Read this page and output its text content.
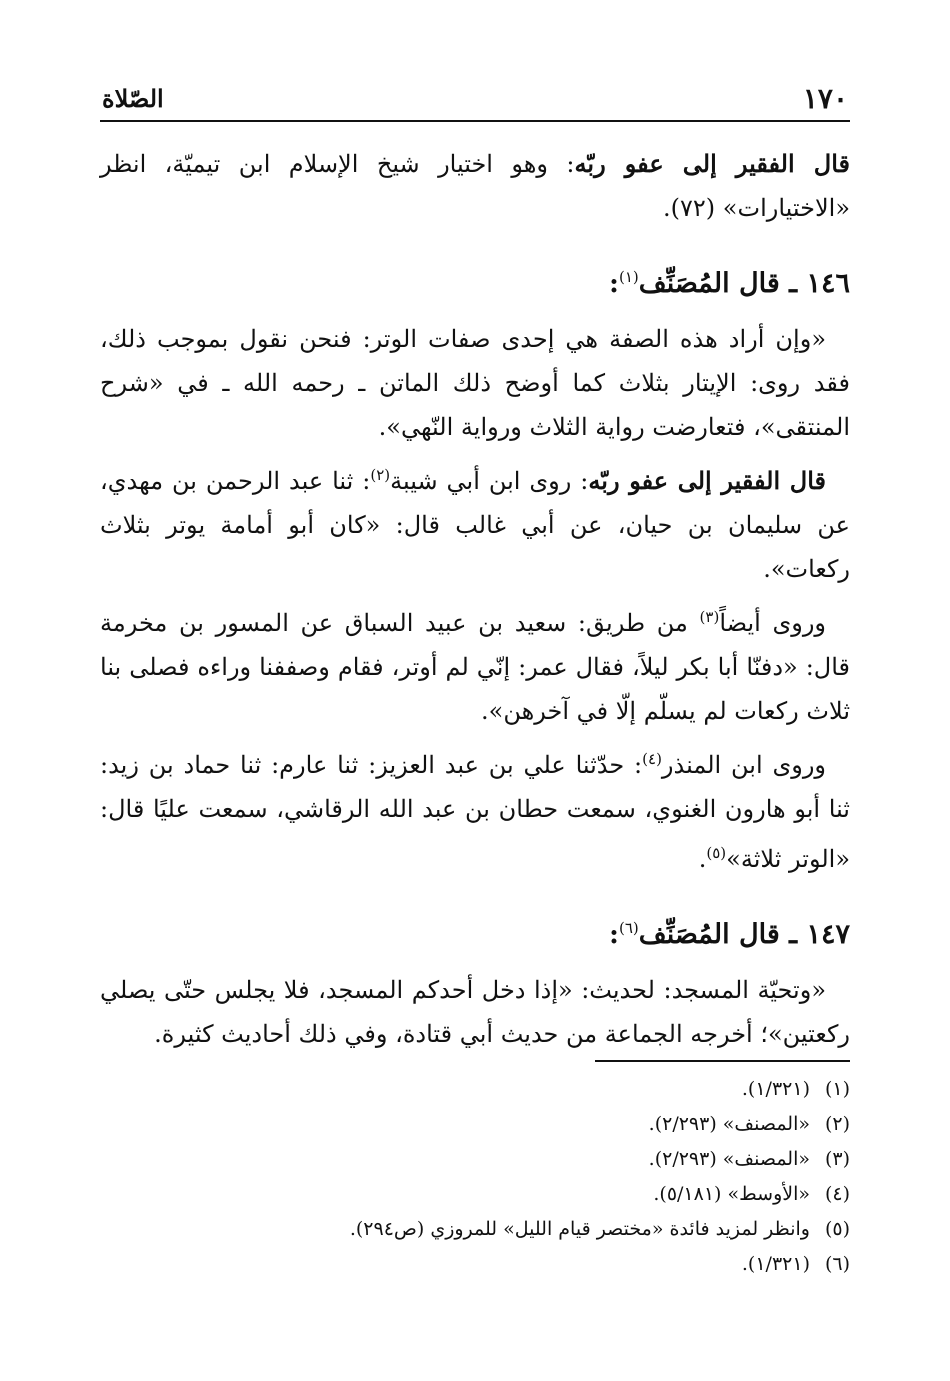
١٧٠
الصّلاة

قال الفقير إلى عفو ربّه: وهو اختيار شيخ الإسلام ابن تيميّة، انظر «الاختيارات» (٧٢).

١٤٦ ـ قال المُصَنِّف$^{(١)}$:

«وإن أراد هذه الصفة هي إحدى صفات الوتر: فنحن نقول بموجب ذلك، فقد روى: الإيتار بثلاث كما أوضح ذلك الماتن ـ رحمه الله ـ في «شرح المنتقى»، فتعارضت رواية الثلاث ورواية النّهي».

قال الفقير إلى عفو ربّه: روى ابن أبي شيبة$^{(٢)}$: ثنا عبد الرحمن بن مهدي، عن سليمان بن حيان، عن أبي غالب قال: «كان أبو أمامة يوتر بثلاث ركعات».

وروى أيضاً$^{(٣)}$ من طريق: سعيد بن عبيد السباق عن المسور بن مخرمة قال: «دفنّا أبا بكر ليلاً، فقال عمر: إنّي لم أوتر، فقام وصففنا وراءه فصلى بنا ثلاث ركعات لم يسلّم إلّا في آخرهن».

وروى ابن المنذر$^{(٤)}$: حدّثنا علي بن عبد العزيز: ثنا عارم: ثنا حماد بن زيد: ثنا أبو هارون الغنوي، سمعت حطان بن عبد الله الرقاشي، سمعت عليًا قال: «الوتر ثلاثة»$^{(٥)}$.

١٤٧ ـ قال المُصَنِّف$^{(٦)}$:

«وتحيّة المسجد: لحديث: «إذا دخل أحدكم المسجد، فلا يجلس حتّى يصلي ركعتين»؛ أخرجه الجماعة من حديث أبي قتادة، وفي ذلك أحاديث كثيرة.

(١)(١/٣٢١).
(٢)«المصنف» (٢/٢٩٣).
(٣)«المصنف» (٢/٢٩٣).
(٤)«الأوسط» (٥/١٨١).
(٥)وانظر لمزيد فائدة «مختصر قيام الليل» للمروزي (ص٢٩٤).
(٦)(١/٣٢١).
